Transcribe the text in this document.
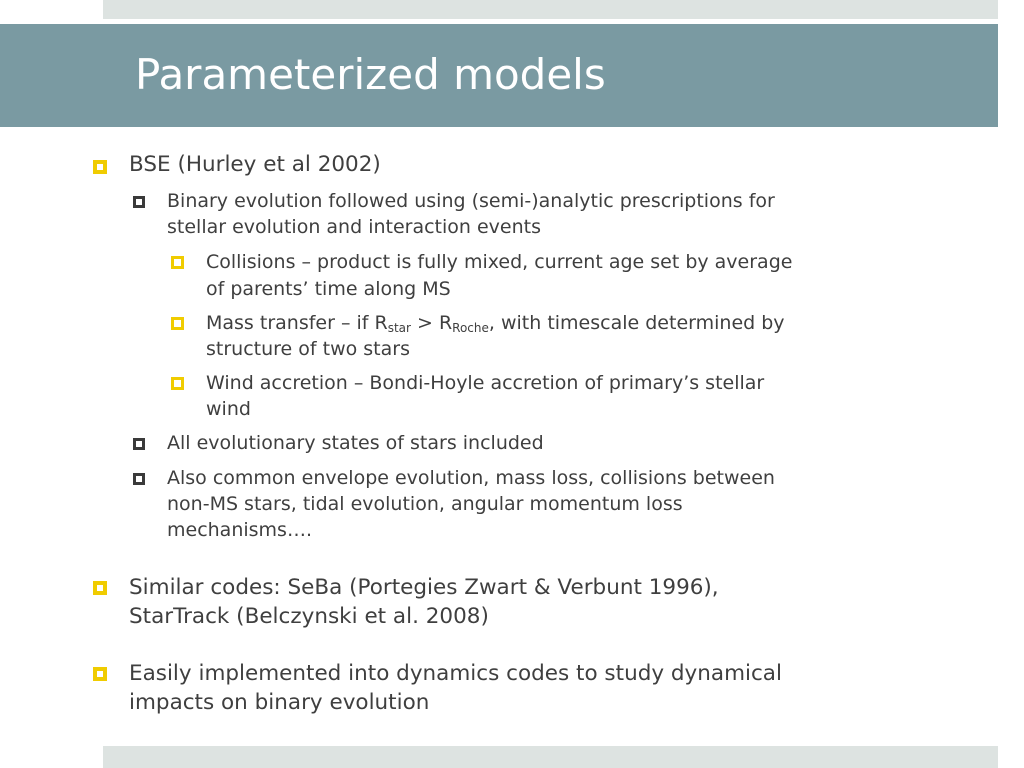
Parameterized models
BSE (Hurley et al 2002)
Binary evolution followed using (semi-)analytic prescriptions for
stellar evolution and interaction events
Collisions – product is fully mixed, current age set by average
of parents’ time along MS
Mass transfer – if $R_{star} > R_{Roche}$, with timescale determined by
structure of two stars
Wind accretion – Bondi-Hoyle accretion of primary’s stellar
wind
All evolutionary states of stars included
Also common envelope evolution, mass loss, collisions between
non-MS stars, tidal evolution, angular momentum loss
mechanisms….
Similar codes: SeBa (Portegies Zwart & Verbunt 1996),
StarTrack (Belczynski et al. 2008)
Easily implemented into dynamics codes to study dynamical
impacts on binary evolution
